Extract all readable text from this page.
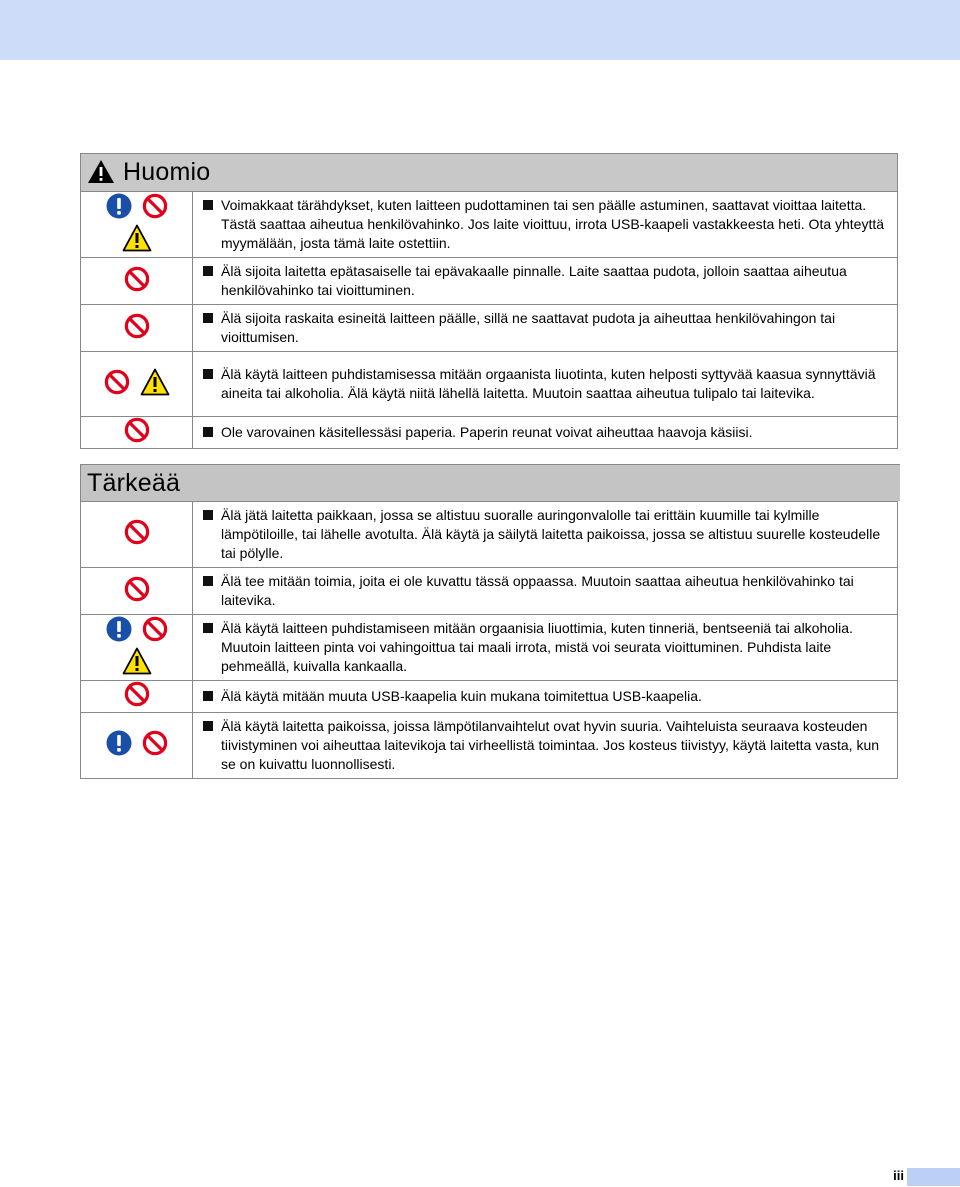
Huomio

Voimakkaat tärähdykset, kuten laitteen pudottaminen tai sen päälle astuminen, saattavat vioittaa laitetta. Tästä saattaa aiheutua henkilövahinko. Jos laite vioittuu, irrota USB-kaapeli vastakkeesta heti. Ota yhteyttä myymälään, josta tämä laite ostettiin.

Älä sijoita laitetta epätasaiselle tai epävakaalle pinnalle. Laite saattaa pudota, jolloin saattaa aiheutua henkilövahinko tai vioittuminen.

Älä sijoita raskaita esineitä laitteen päälle, sillä ne saattavat pudota ja aiheuttaa henkilövahingon tai vioittumisen.

Älä käytä laitteen puhdistamisessa mitään orgaanista liuotinta, kuten helposti syttyvää kaasua synnyttäviä aineita tai alkoholia. Älä käytä niitä lähellä laitetta. Muutoin saattaa aiheutua tulipalo tai laitevika.

Ole varovainen käsitellessäsi paperia. Paperin reunat voivat aiheuttaa haavoja käsiisi.
Tärkeää

Älä jätä laitetta paikkaan, jossa se altistuu suoralle auringonvalolle tai erittäin kuumille tai kylmille lämpötiloille, tai lähelle avotulta. Älä käytä ja säilytä laitetta paikoissa, jossa se altistuu suurelle kosteudelle tai pölylle.

Älä tee mitään toimia, joita ei ole kuvattu tässä oppaassa. Muutoin saattaa aiheutua henkilövahinko tai laitevika.

Älä käytä laitteen puhdistamiseen mitään orgaanisia liuottimia, kuten tinneriä, bentseeniä tai alkoholia. Muutoin laitteen pinta voi vahingoittua tai maali irrota, mistä voi seurata vioittuminen. Puhdista laite pehmeällä, kuivalla kankaalla.

Älä käytä mitään muuta USB-kaapelia kuin mukana toimitettua USB-kaapelia.

Älä käytä laitetta paikoissa, joissa lämpötilanvaihtelut ovat hyvin suuria. Vaihteluista seuraava kosteuden tiivistyminen voi aiheuttaa laitevikoja tai virheellistä toimintaa. Jos kosteus tiivistyy, käytä laitetta vasta, kun se on kuivattu luonnollisesti.
iii
